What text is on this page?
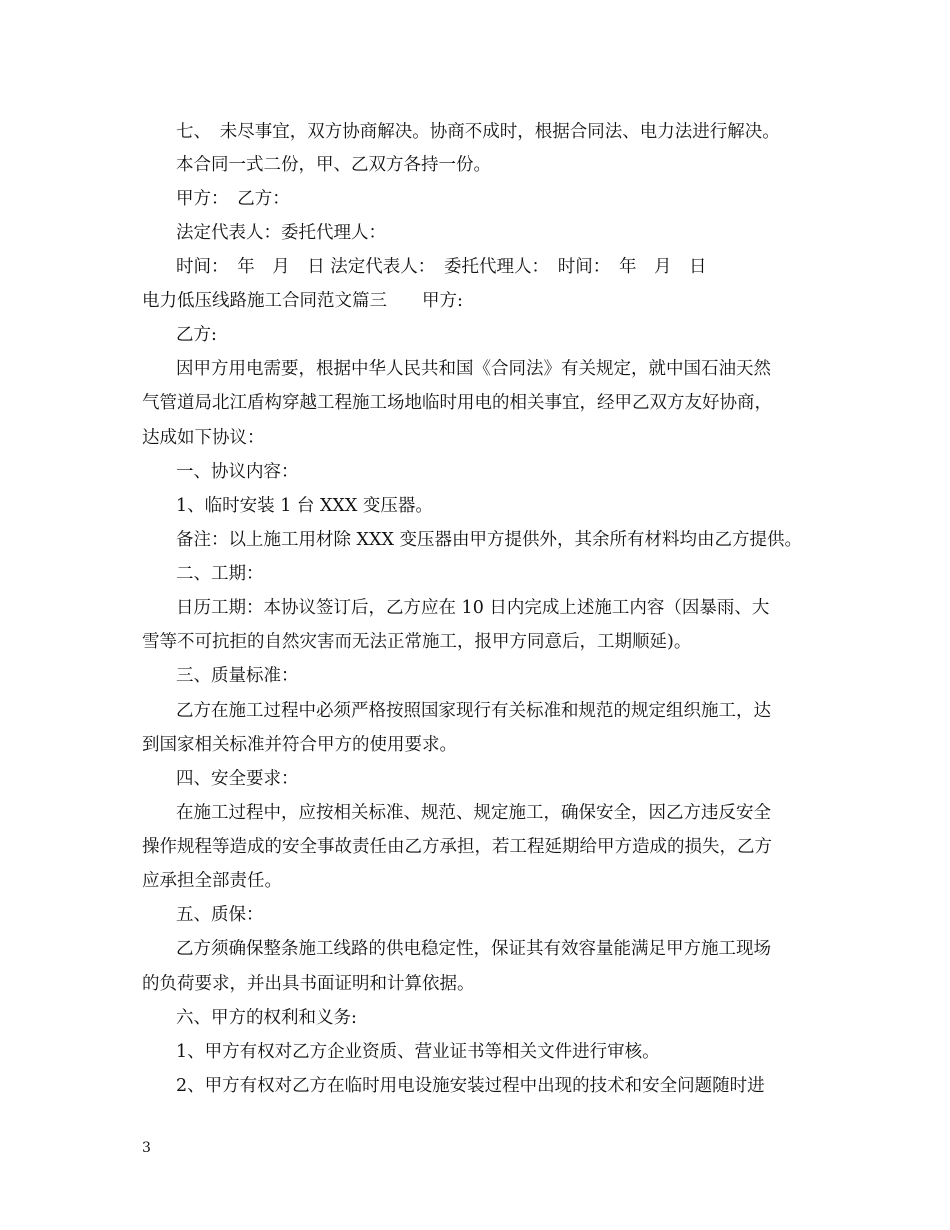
七、　未尽事宜，双方协商解决。协商不成时，根据合同法、电力法进行解决。
本合同一式二份，甲、乙双方各持一份。
甲方：　乙方：
法定代表人：委托代理人：
时间：　年　月　日 法定代表人：　委托代理人：　时间：　年　月　日
电力低压线路施工合同范文篇三　　甲方:
乙方:
因甲方用电需要，根据中华人民共和国《合同法》有关规定，就中国石油天然
气管道局北江盾构穿越工程施工场地临时用电的相关事宜，经甲乙双方友好协商，
达成如下协议：
一、协议内容：
1、临时安装 1 台 XXX 变压器。
备注：以上施工用材除 XXX 变压器由甲方提供外，其余所有材料均由乙方提供。
二、工期：
日历工期：本协议签订后，乙方应在 10 日内完成上述施工内容（因暴雨、大
雪等不可抗拒的自然灾害而无法正常施工，报甲方同意后，工期顺延)。
三、质量标准：
乙方在施工过程中必须严格按照国家现行有关标准和规范的规定组织施工，达
到国家相关标准并符合甲方的使用要求。
四、安全要求：
在施工过程中，应按相关标准、规范、规定施工，确保安全，因乙方违反安全
操作规程等造成的安全事故责任由乙方承担，若工程延期给甲方造成的损失，乙方
应承担全部责任。
五、质保：
乙方须确保整条施工线路的供电稳定性，保证其有效容量能满足甲方施工现场
的负荷要求，并出具书面证明和计算依据。
六、甲方的权利和义务:
1、甲方有权对乙方企业资质、营业证书等相关文件进行审核。
2、甲方有权对乙方在临时用电设施安装过程中出现的技术和安全问题随时进
3
